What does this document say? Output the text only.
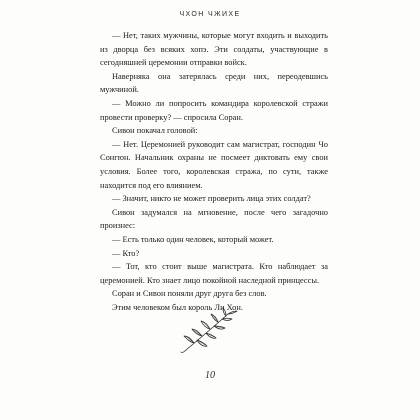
ЧХОН ЧЖИХЕ

— Нет, таких мужчины, которые могут входить и выходить из дворца без всяких хопэ. Эти солдаты, участвующие в сегодняшней церемонии отправки войск.

Наверняка она затерялась среди них, переодевшись мужчиной.

— Можно ли попросить командира королевской стражи провести проверку? — спросила Соран.

Сивон покачал головой:

— Нет. Церемонией руководит сам магистрат, господин Чо Сонгюн. Начальник охраны не посмеет диктовать ему свои условия. Более того, королевская стража, по сути, также находится под его влиянием.

— Значит, никто не может проверить лица этих солдат?

Сивон задумался на мгновение, после чего загадочно произнес:

— Есть только один человек, который может.

— Кто?

— Тот, кто стоит выше магистрата. Кто наблюдает за церемонией. Кто знает лицо покойной наследной принцессы.

Соран и Сивон поняли друг друга без слов.

Этим человеком был король Ли Хон.

10
